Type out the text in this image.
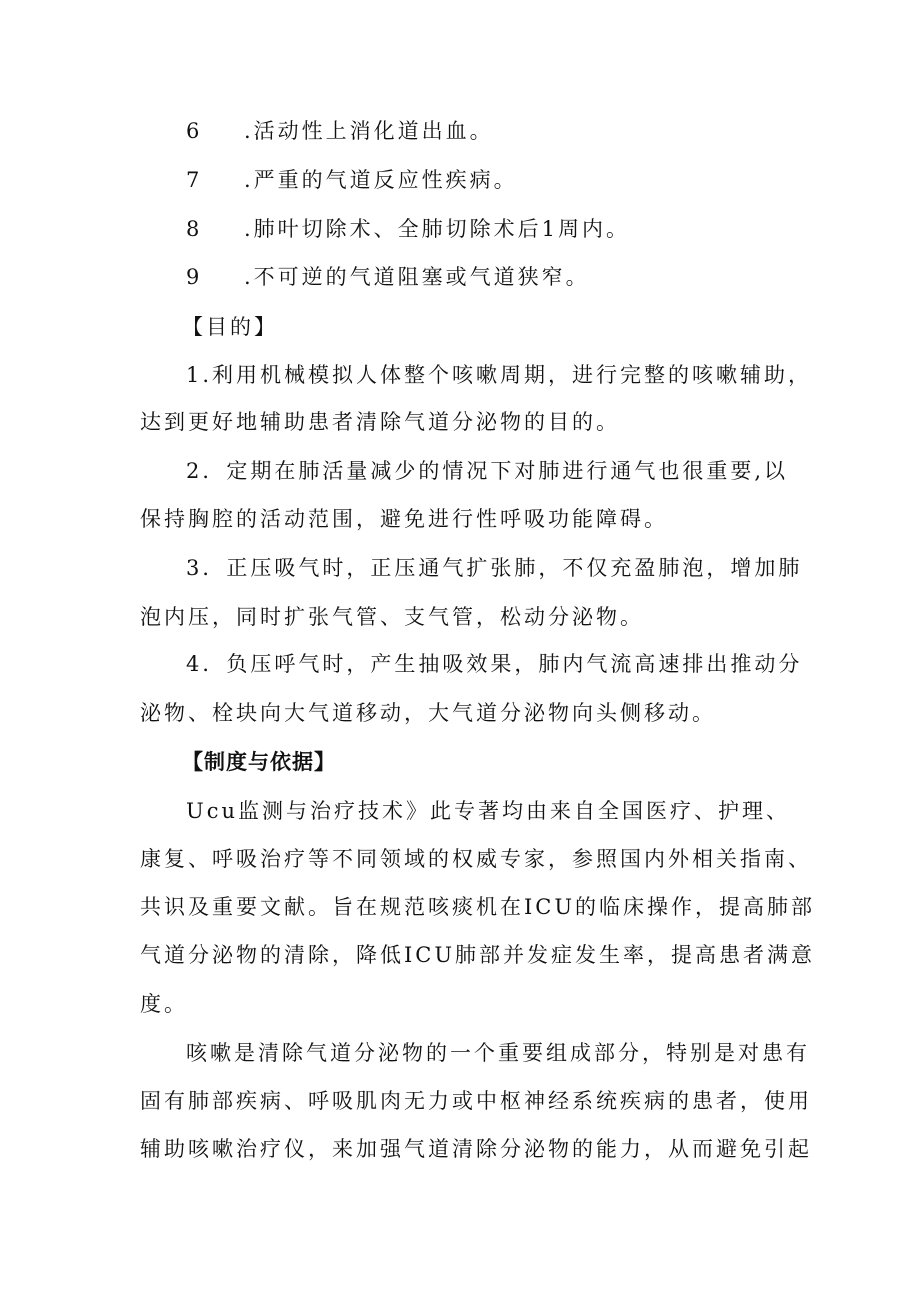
6 .活动性上消化道出血。
7 .严重的气道反应性疾病。
8 .肺叶切除术、全肺切除术后1周内。
9 .不可逆的气道阻塞或气道狭窄。
【目的】
1.利用机械模拟人体整个咳嗽周期，进行完整的咳嗽辅助，
达到更好地辅助患者清除气道分泌物的目的。
2．定期在肺活量减少的情况下对肺进行通气也很重要,以
保持胸腔的活动范围，避免进行性呼吸功能障碍。
3．正压吸气时，正压通气扩张肺，不仅充盈肺泡，增加肺
泡内压，同时扩张气管、支气管，松动分泌物。
4．负压呼气时，产生抽吸效果，肺内气流高速排出推动分
泌物、栓块向大气道移动，大气道分泌物向头侧移动。
【制度与依据】
Ucu监测与治疗技术》此专著均由来自全国医疗、护理、
康复、呼吸治疗等不同领域的权威专家，参照国内外相关指南、
共识及重要文献。旨在规范咳痰机在ICU的临床操作，提高肺部
气道分泌物的清除，降低ICU肺部并发症发生率，提高患者满意
度。
咳嗽是清除气道分泌物的一个重要组成部分，特别是对患有
固有肺部疾病、呼吸肌肉无力或中枢神经系统疾病的患者，使用
辅助咳嗽治疗仪，来加强气道清除分泌物的能力，从而避免引起
